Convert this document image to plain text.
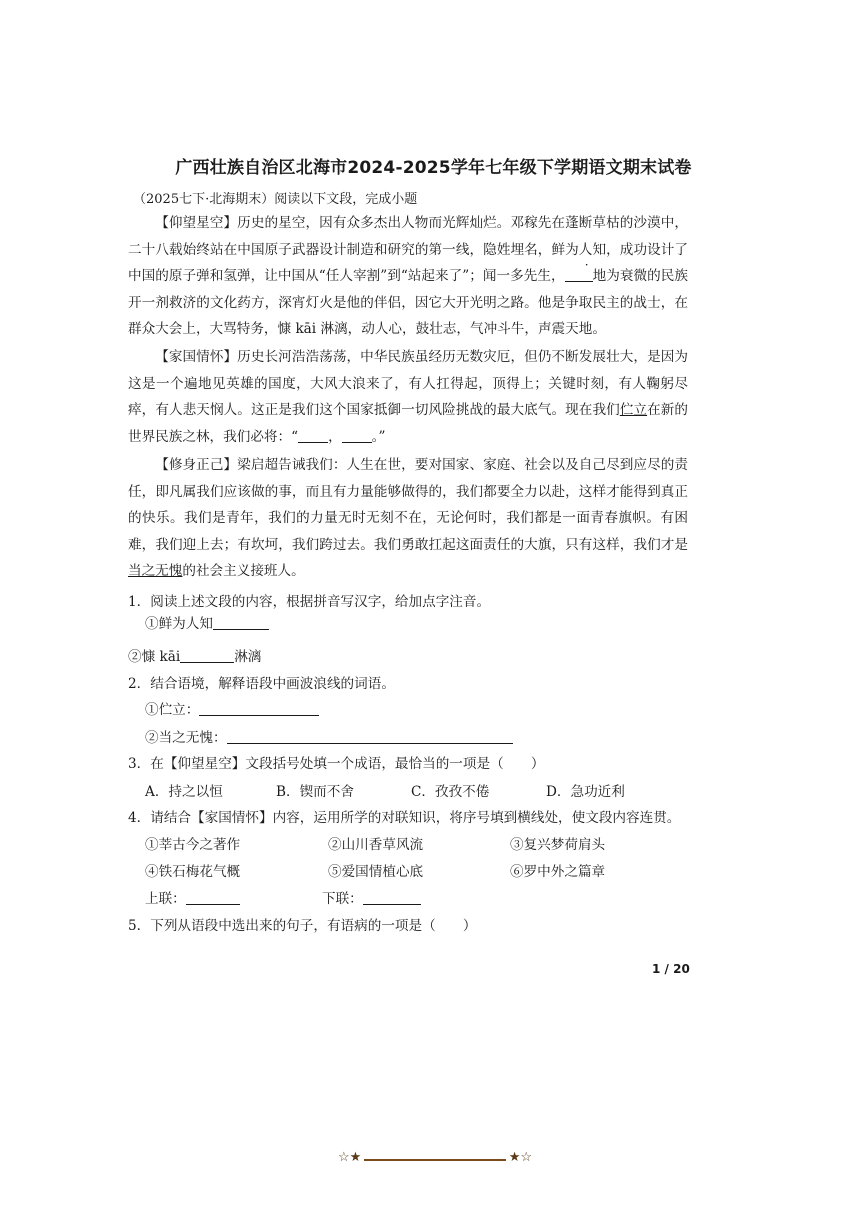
广西壮族自治区北海市2024-2025学年七年级下学期语文期末试卷
（2025七下·北海期末）阅读以下文段，完成小题
【仰望星空】历史的星空，因有众多杰出人物而光辉灿烂。邓稼先在蓬断草枯的沙漠中，二十八载始终站在中国原子武器设计制造和研究的第一线，隐姓埋名，鲜 ·为人知，成功设计了中国的原子弹和氢弹，让中国从“任人宰割”到“站起来了”；闻一多先生， 地为衰微的民族开一剂救济的文化药方，深宵灯火是他的伴侣，因它大开光明之路。他是争取民主的战士，在群众大会上，大骂特务，慷 kāi 淋漓，动人心，鼓壮志，气冲斗牛，声震天地。
【家国情怀】历史长河浩浩荡荡，中华民族虽经历无数灾厄，但仍不断发展壮大，是因为这是一个遍地见英雄的国度，大风大浪来了，有人扛得起，顶得上；关键时刻，有人鞠躬尽瘁，有人悲天悯人。这正是我们这个国家抵御一切风险挑战的最大底气。现在我们伫立在新的世界民族之林，我们必将：“ ， 。”
【修身正己】梁启超告诫我们：人生在世，要对国家、家庭、社会以及自己尽到应尽的责任，即凡属我们应该做的事，而且有力量能够做得的，我们都要全力以赴，这样才能得到真正的快乐。我们是青年，我们的力量无时无刻不在，无论何时，我们都是一面青春旗帜。有困难，我们迎上去；有坎坷，我们跨过去。我们勇敢扛起这面责任的大旗，只有这样，我们才是当之无愧的社会主义接班人。
1．阅读上述文段的内容，根据拼音写汉字，给加点字注音。
①鲜为人知
②慷 kāi	淋漓
2．结合语境，解释语段中画波浪线的词语。
①伫立：
②当之无愧：
3．在【仰望星空】文段括号处填一个成语，最恰当的一项是（　　）
A．持之以恒	B．锲而不舍	C．孜孜不倦	D．急功近利
4．请结合【家国情怀】内容，运用所学的对联知识，将序号填到横线处，使文段内容连贯。
①莘古今之著作	②山川香草风流	③复兴梦荷肩头
④铁石梅花气概	⑤爱国情植心底	⑥罗中外之篇章
上联：	下联：
5．下列从语段中选出来的句子，有语病的一项是（　　）
1 / 20
☆★	★☆
